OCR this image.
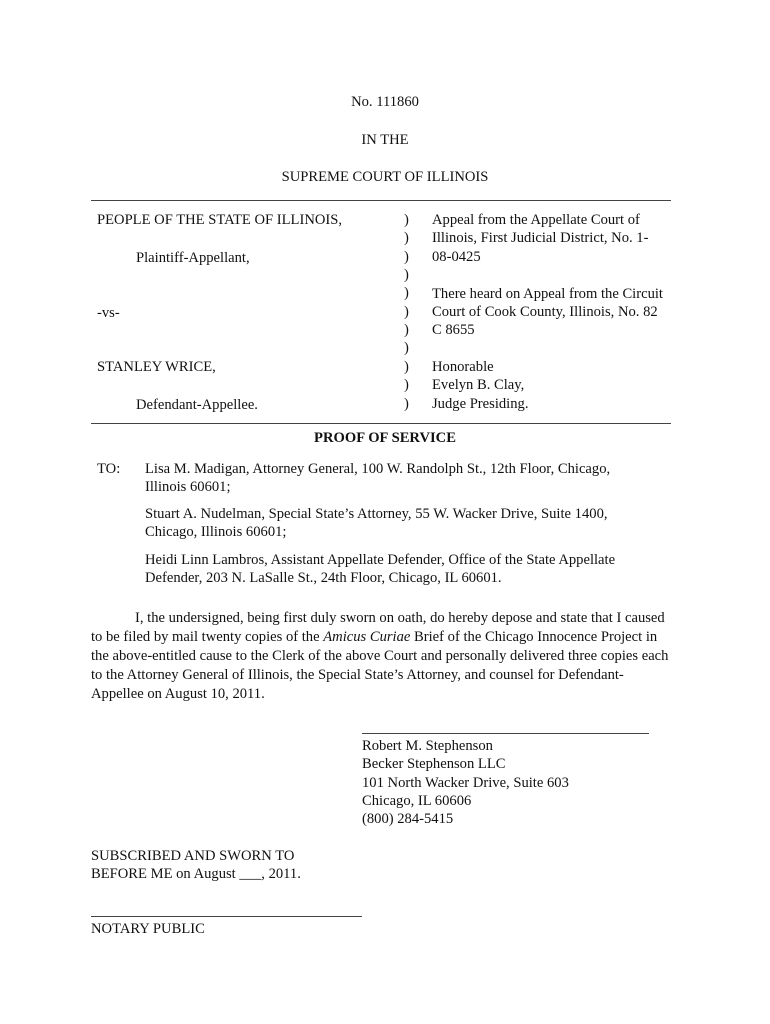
No. 111860
IN THE
SUPREME COURT OF ILLINOIS
PEOPLE OF THE STATE OF ILLINOIS,
Plaintiff-Appellant,
-vs-
STANLEY WRICE,
Defendant-Appellee.
)
)
)
)
)
)
)
)
)
)
)
Appeal from the Appellate Court of
Illinois, First Judicial District, No. 1-
08-0425
There heard on Appeal from the Circuit
Court of Cook County, Illinois, No. 82
C 8655
Honorable
Evelyn B. Clay,
Judge Presiding.
PROOF OF SERVICE
TO: Lisa M. Madigan, Attorney General, 100 W. Randolph St., 12th Floor, Chicago,
Illinois 60601;
Stuart A. Nudelman, Special State’s Attorney, 55 W. Wacker Drive, Suite 1400,
Chicago, Illinois 60601;
Heidi Linn Lambros, Assistant Appellate Defender, Office of the State Appellate
Defender, 203 N. LaSalle St., 24th Floor, Chicago, IL 60601.
I, the undersigned, being first duly sworn on oath, do hereby depose and state that I caused to be filed by mail twenty copies of the Amicus Curiae Brief of the Chicago Innocence Project in the above-entitled cause to the Clerk of the above Court and personally delivered three copies each to the Attorney General of Illinois, the Special State’s Attorney, and counsel for Defendant-Appellee on August 10, 2011.
Robert M. Stephenson
Becker Stephenson LLC
101 North Wacker Drive, Suite 603
Chicago, IL 60606
(800) 284-5415
SUBSCRIBED AND SWORN TO
BEFORE ME on August ___, 2011.
NOTARY PUBLIC
